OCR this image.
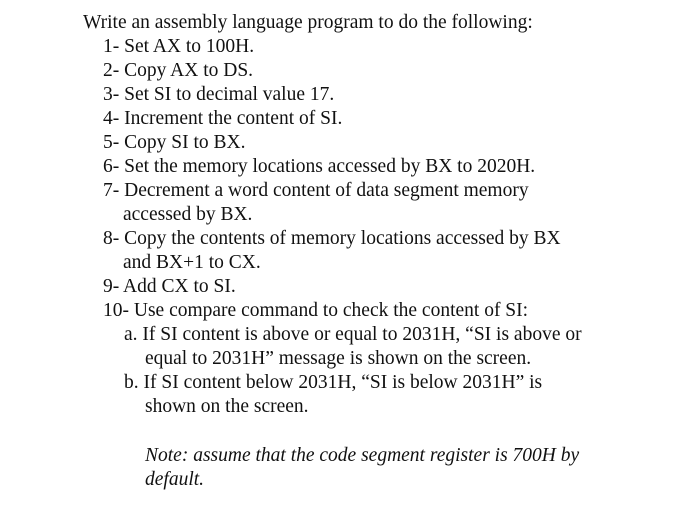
Write an assembly language program to do the following:

1- Set AX to 100H.

2- Copy AX to DS.

3- Set SI to decimal value 17.

4- Increment the content of SI.

5- Copy SI to BX.

6- Set the memory locations accessed by BX to 2020H.

7- Decrement a word content of data segment memory

accessed by BX.

8- Copy the contents of memory locations accessed by BX

and BX+1 to CX.

9- Add CX to SI.

10- Use compare command to check the content of SI:

a. If SI content is above or equal to 2031H, “SI is above or

equal to 2031H” message is shown on the screen.

b. If SI content below 2031H, “SI is below 2031H” is

shown on the screen.

Note: assume that the code segment register is 700H by

default.
